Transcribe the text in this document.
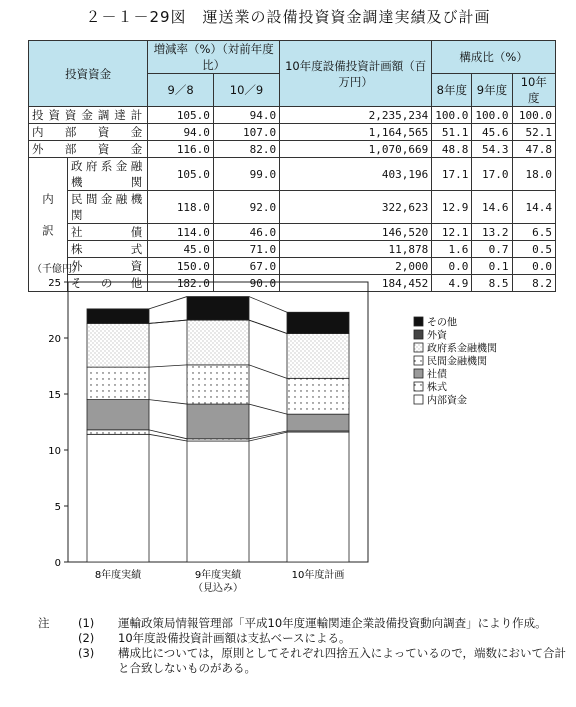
２－１－29図　運送業の設備投資資金調達実績及び計画
投資資金		増減率（%）（対前年度比）		10年度設備投資計画額（百万円）	構成比（%）		
		9／8	10／9		8年度	9年度	10年度
投資資金調達計		105.0	94.0	2,235,234	100.0	100.0	100.0
内部資金		94.0	107.0	1,164,565	51.1	45.6	52.1
外部資金		116.0	82.0	1,070,669	48.8	54.3	47.8
内訳	政府系金融機関	105.0	99.0	403,196	17.1	17.0	18.0
	民間金融機関	118.0	92.0	322,623	12.9	14.6	14.4
	社債	114.0	46.0	146,520	12.1	13.2	6.5
	株式	45.0	71.0	11,878	1.6	0.7	0.5
	外資	150.0	67.0	2,000	0.0	0.1	0.0
	その他	182.0	90.0	184,452	4.9	8.5	8.2
（千億円）
0
5
10
15
20
25
8年度実績	9年度実績
（見込み）
10年度計画
その他
外資
政府系金融機関
民間金融機関
社債
株式
内部資金
注	(1)	運輸政策局情報管理部「平成10年度運輸関連企業設備投資動向調査」により作成。
(2)	10年度設備投資計画額は支払ベースによる。
(3)	構成比については，原則としてそれぞれ四捨五入によっているので，端数において合計と合致しないものがある。
